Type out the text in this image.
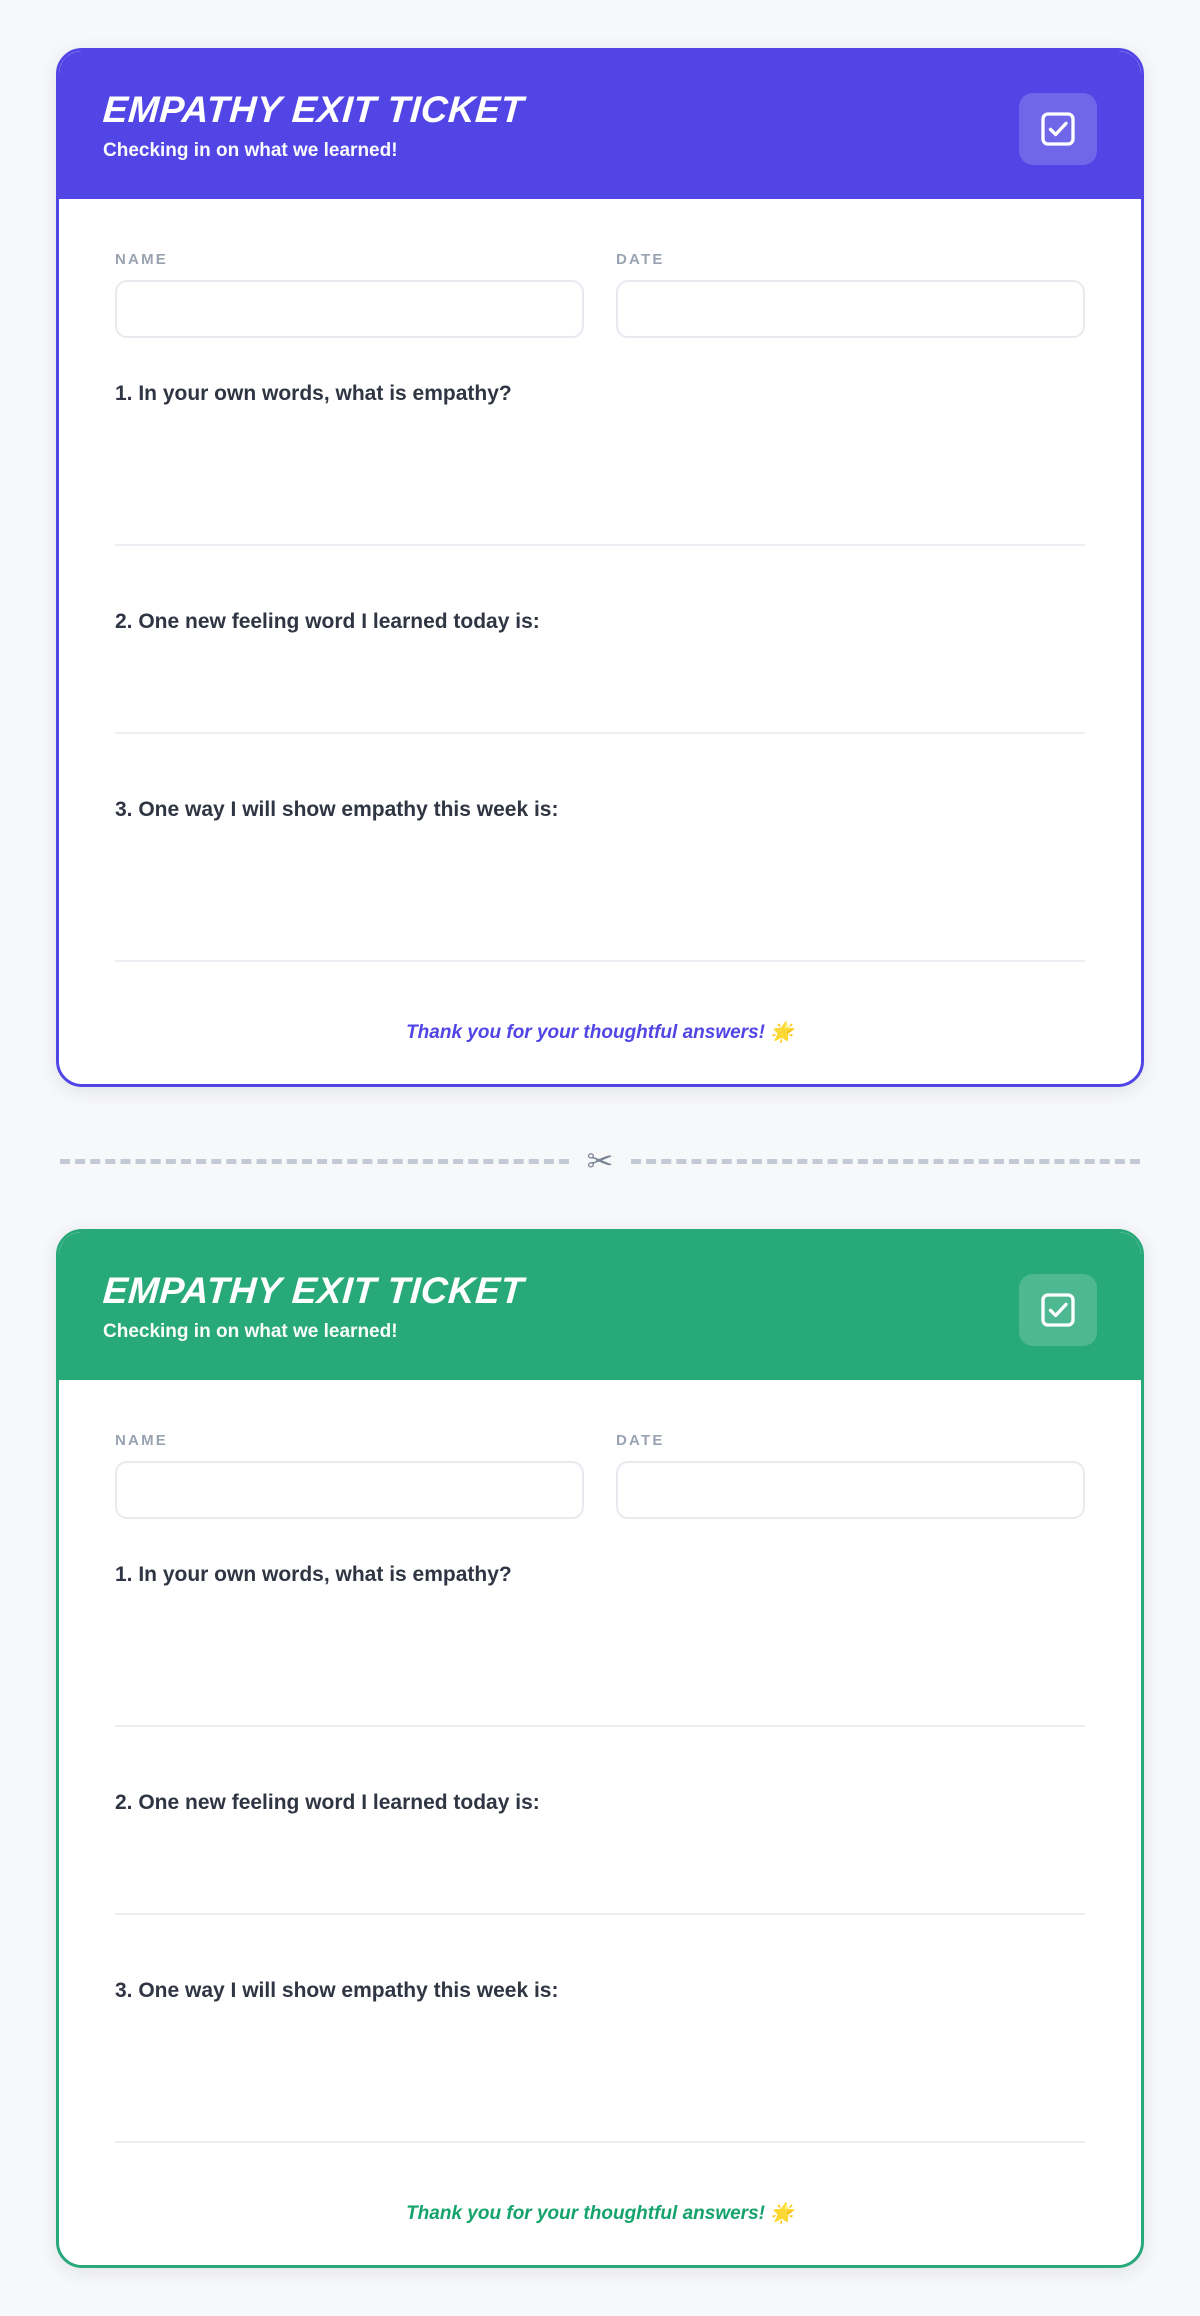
EMPATHY EXIT TICKET
Checking in on what we learned!
NAME	DATE

1. In your own words, what is empathy?

2. One new feeling word I learned today is:

3. One way I will show empathy this week is:

Thank you for your thoughtful answers! 🌟
✂
EMPATHY EXIT TICKET
Checking in on what we learned!
NAME	DATE

1. In your own words, what is empathy?

2. One new feeling word I learned today is:

3. One way I will show empathy this week is:

Thank you for your thoughtful answers! 🌟
